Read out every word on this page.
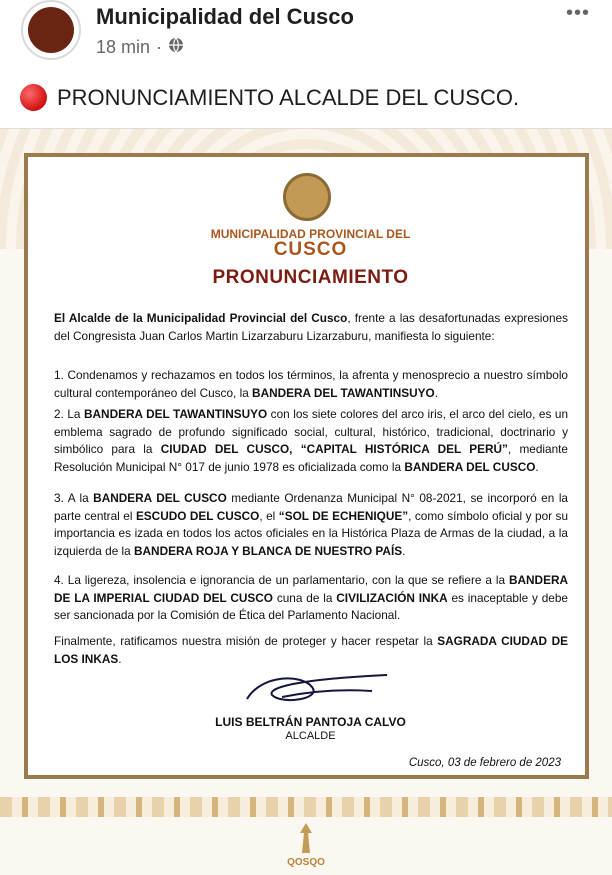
Municipalidad del Cusco
18 min ·
•••
PRONUNCIAMIENTO ALCALDE DEL CUSCO.
MUNICIPALIDAD PROVINCIAL DEL
CUSCO
PRONUNCIAMIENTO
El Alcalde de la Municipalidad Provincial del Cusco, frente a las desafortunadas expresiones del Congresista Juan Carlos Martin Lizarzaburu Lizarzaburu, manifiesta lo siguiente:
1. Condenamos y rechazamos en todos los términos, la afrenta y menosprecio a nuestro símbolo cultural contemporáneo del Cusco, la BANDERA DEL TAWANTINSUYO.
2. La BANDERA DEL TAWANTINSUYO con los siete colores del arco iris, el arco del cielo, es un emblema sagrado de profundo significado social, cultural, histórico, tradicional, doctrinario y simbólico para la CIUDAD DEL CUSCO, “CAPITAL HISTÓRICA DEL PERÚ”, mediante Resolución Municipal N° 017 de junio 1978 es oficializada como la BANDERA DEL CUSCO.
3. A la BANDERA DEL CUSCO mediante Ordenanza Municipal N° 08-2021, se incorporó en la parte central el ESCUDO DEL CUSCO, el “SOL DE ECHENIQUE”, como símbolo oficial y por su importancia es izada en todos los actos oficiales en la Histórica Plaza de Armas de la ciudad, a la izquierda de la BANDERA ROJA Y BLANCA DE NUESTRO PAÍS.
4. La ligereza, insolencia e ignorancia de un parlamentario, con la que se refiere a la BANDERA DE LA IMPERIAL CIUDAD DEL CUSCO cuna de la CIVILIZACIÓN INKA es inaceptable y debe ser sancionada por la Comisión de Ética del Parlamento Nacional.
Finalmente, ratificamos nuestra misión de proteger y hacer respetar la SAGRADA CIUDAD DE LOS INKAS.
LUIS BELTRÁN PANTOJA CALVO
ALCALDE
Cusco, 03 de febrero de 2023
QOSQO
